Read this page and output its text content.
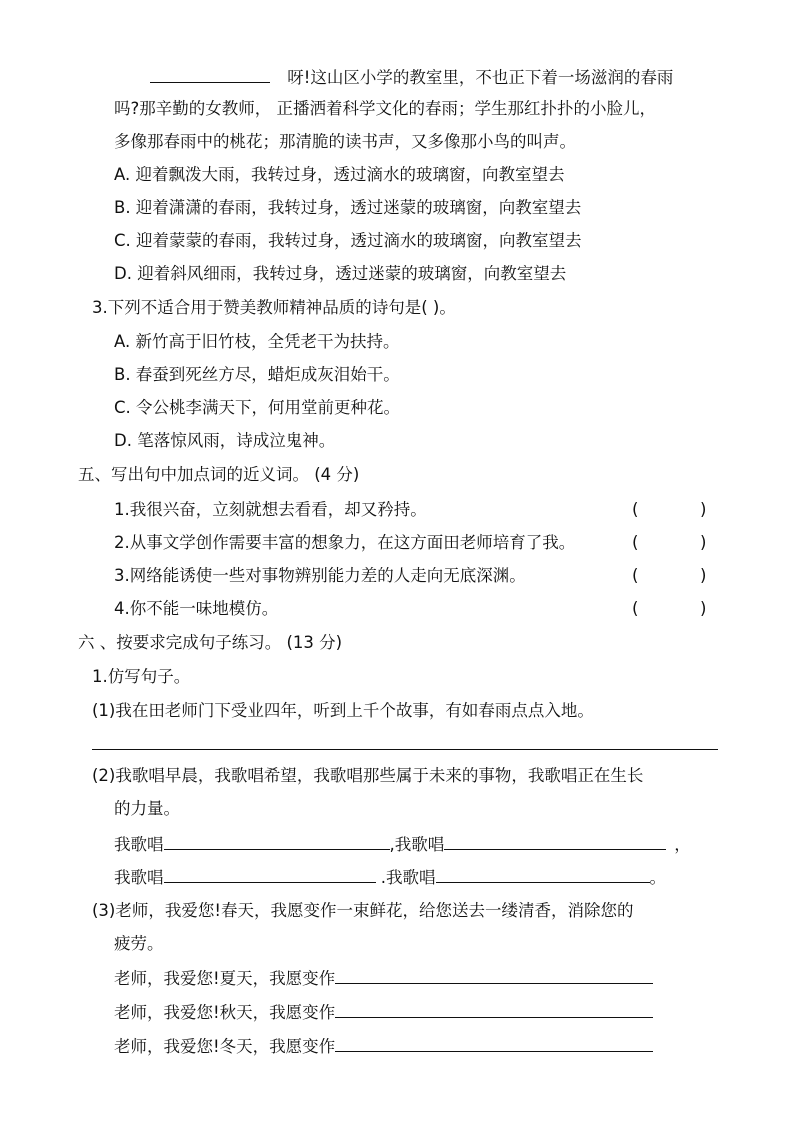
呀!这山区小学的教室里，不也正下着一场滋润的春雨
吗?那辛勤的女教师， 正播洒着科学文化的春雨；学生那红扑扑的小脸儿，
多像那春雨中的桃花；那清脆的读书声，又多像那小鸟的叫声。
A. 迎着飘泼大雨，我转过身，透过滴水的玻璃窗，向教室望去
B. 迎着潇潇的春雨，我转过身，透过迷蒙的玻璃窗，向教室望去
C. 迎着蒙蒙的春雨，我转过身，透过滴水的玻璃窗，向教室望去
D. 迎着斜风细雨，我转过身，透过迷蒙的玻璃窗，向教室望去
3.下列不适合用于赞美教师精神品质的诗句是( )。
A. 新竹高于旧竹枝，全凭老干为扶持。
B. 春蚕到死丝方尽，蜡炬成灰泪始干。
C. 令公桃李满天下，何用堂前更种花。
D. 笔落惊风雨，诗成泣鬼神。
五、写出句中加点词的近义词。 (4 分)
1.我很兴奋，立刻就想去看看，却又矜持。	(	)
2.从事文学创作需要丰富的想象力，在这方面田老师培育了我。	(	)
3.网络能诱使一些对事物辨别能力差的人走向无底深渊。	(	)
4.你不能一味地模仿。	(	)
六 、按要求完成句子练习。 (13 分)
1.仿写句子。
(1)我在田老师门下受业四年，听到上千个故事，有如春雨点点入地。
(2)我歌唱早晨，我歌唱希望，我歌唱那些属于未来的事物，我歌唱正在生长
的力量。
我歌唱	,我歌唱	，
我歌唱	.我歌唱	。
(3)老师，我爱您!春天，我愿变作一束鲜花，给您送去一缕清香，消除您的
疲劳。
老师，我爱您!夏天，我愿变作
老师，我爱您!秋天，我愿变作
老师，我爱您!冬天，我愿变作
